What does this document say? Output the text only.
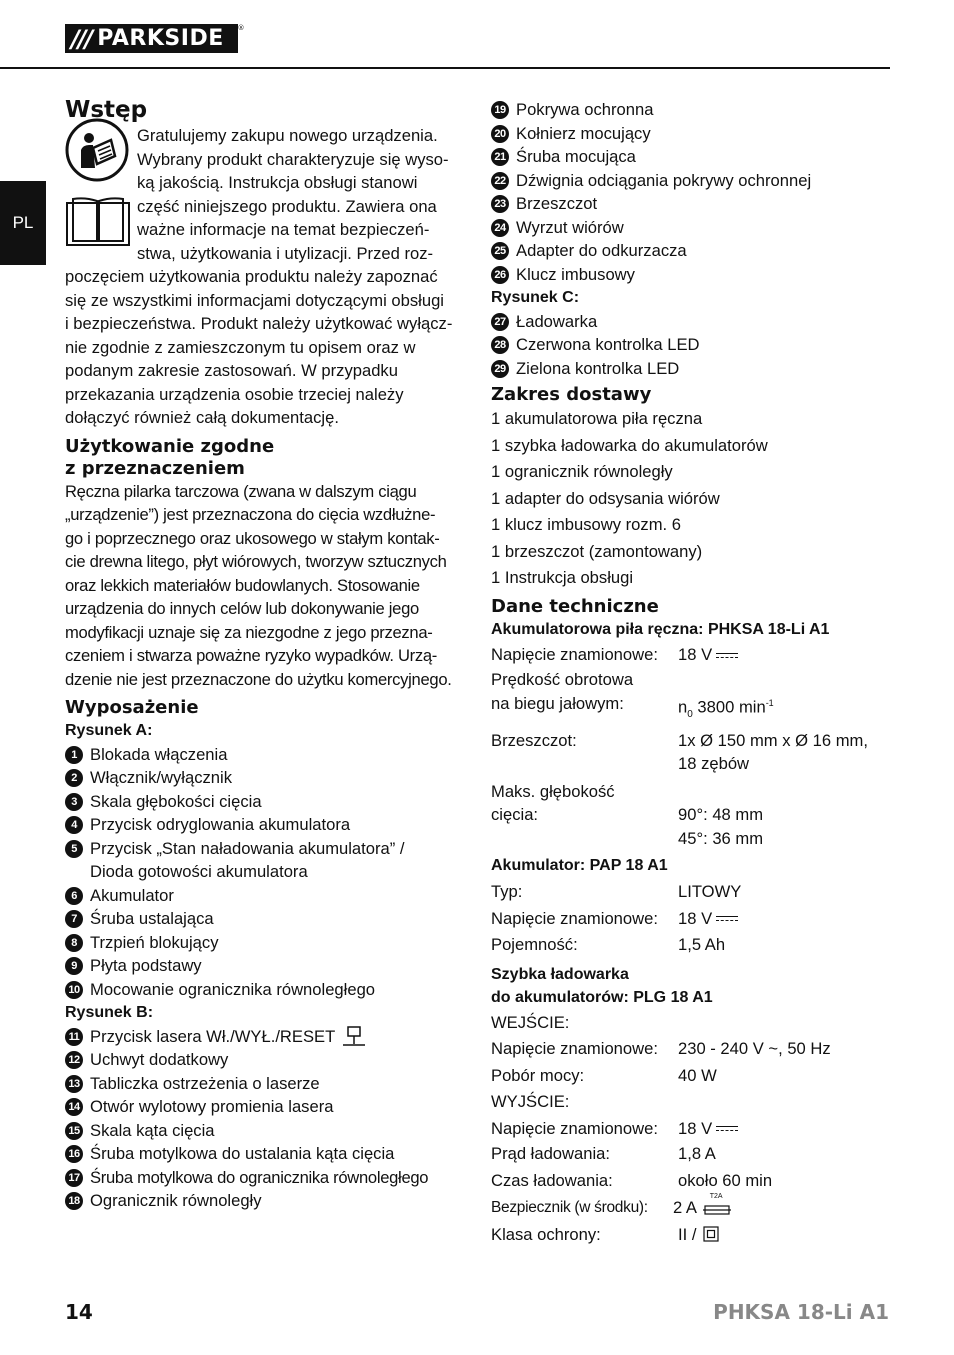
/// PARKSIDE ®
PL
Wstęp

Gratulujemy zakupu nowego urządzenia.

Wybrany produkt charakteryzuje się wyso-

ką jakością. Instrukcja obsługi stanowi

część niniejszego produktu. Zawiera ona

ważne informacje na temat bezpieczeń-

stwa, użytkowania i utylizacji. Przed roz-

poczęciem użytkowania produktu należy zapoznać

się ze wszystkimi informacjami dotyczącymi obsługi

i bezpieczeństwa. Produkt należy użytkować wyłącz-

nie zgodnie z zamieszczonym tu opisem oraz w

podanym zakresie zastosowań. W przypadku

przekazania urządzenia osobie trzeciej należy

dołączyć również całą dokumentację.

Użytkowanie zgodne
z przeznaczeniem

Ręczna pilarka tarczowa (zwana w dalszym ciągu

„urządzenie”) jest przeznaczona do cięcia wzdłużne-

go i poprzecznego oraz ukosowego w stałym kontak-

cie drewna litego, płyt wiórowych, tworzyw sztucznych

oraz lekkich materiałów budowlanych. Stosowanie

urządzenia do innych celów lub dokonywanie jego

modyfikacji uznaje się za niezgodne z jego przezna-

czeniem i stwarza poważne ryzyko wypadków. Urzą-

dzenie nie jest przeznaczone do użytku komercyjnego.

Wyposażenie

Rysunek A:

1 Blokada włączenia
2 Włącznik/wyłącznik
3 Skala głębokości cięcia
4 Przycisk odryglowania akumulatora
5 Przycisk „Stan naładowania akumulatora” / Dioda gotowości akumulatora
6 Akumulator
7 Śruba ustalająca
8 Trzpień blokujący
9 Płyta podstawy
10 Mocowanie ogranicznika równoległego

Rysunek B:

11 Przycisk lasera Wł./WYŁ./RESET
12 Uchwyt dodatkowy
13 Tabliczka ostrzeżenia o laserze
14 Otwór wylotowy promienia lasera
15 Skala kąta cięcia
16 Śruba motylkowa do ustalania kąta cięcia
17 Śruba motylkowa do ogranicznika równoległego
18 Ogranicznik równoległy
19 Pokrywa ochronna
20 Kołnierz mocujący
21 Śruba mocująca
22 Dźwignia odciągania pokrywy ochronnej
23 Brzeszczot
24 Wyrzut wiórów
25 Adapter do odkurzacza
26 Klucz imbusowy

Rysunek C:

27 Ładowarka
28 Czerwona kontrolka LED
29 Zielona kontrolka LED
Zakres dostawy

1 akumulatorowa piła ręczna

1 szybka ładowarka do akumulatorów

1 ogranicznik równoległy

1 adapter do odsysania wiórów

1 klucz imbusowy rozm. 6

1 brzeszczot (zamontowany)

1 Instrukcja obsługi

Dane techniczne

Akumulatorowa piła ręczna: PHKSA 18-Li A1

Napięcie znamionowe:	18 V
Prędkość obrotowa
na biegu jałowym:	$n_0$ 3800 $\min^{-1}$
Brzeszczot:	1x Ø 150 mm x Ø 16 mm,
18 zębów
Maks. głębokość
cięcia:	90°: 48 mm
45°: 36 mm

Akumulator: PAP 18 A1

Typ:	LITOWY
Napięcie znamionowe:	18 V
Pojemność:	1,5 Ah

Szybka ładowarka

do akumulatorów: PLG 18 A1

WEJŚCIE:

Napięcie znamionowe:	230 - 240 V ~, 50 Hz
Pobór mocy:	40 W

WYJŚCIE:

Napięcie znamionowe:	18 V
Prąd ładowania:	1,8 A
Czas ładowania:	około 60 min
Bezpiecznik (w środku):	2 A
T2A
Klasa ochrony:	II /
14	PHKSA 18-Li A1
